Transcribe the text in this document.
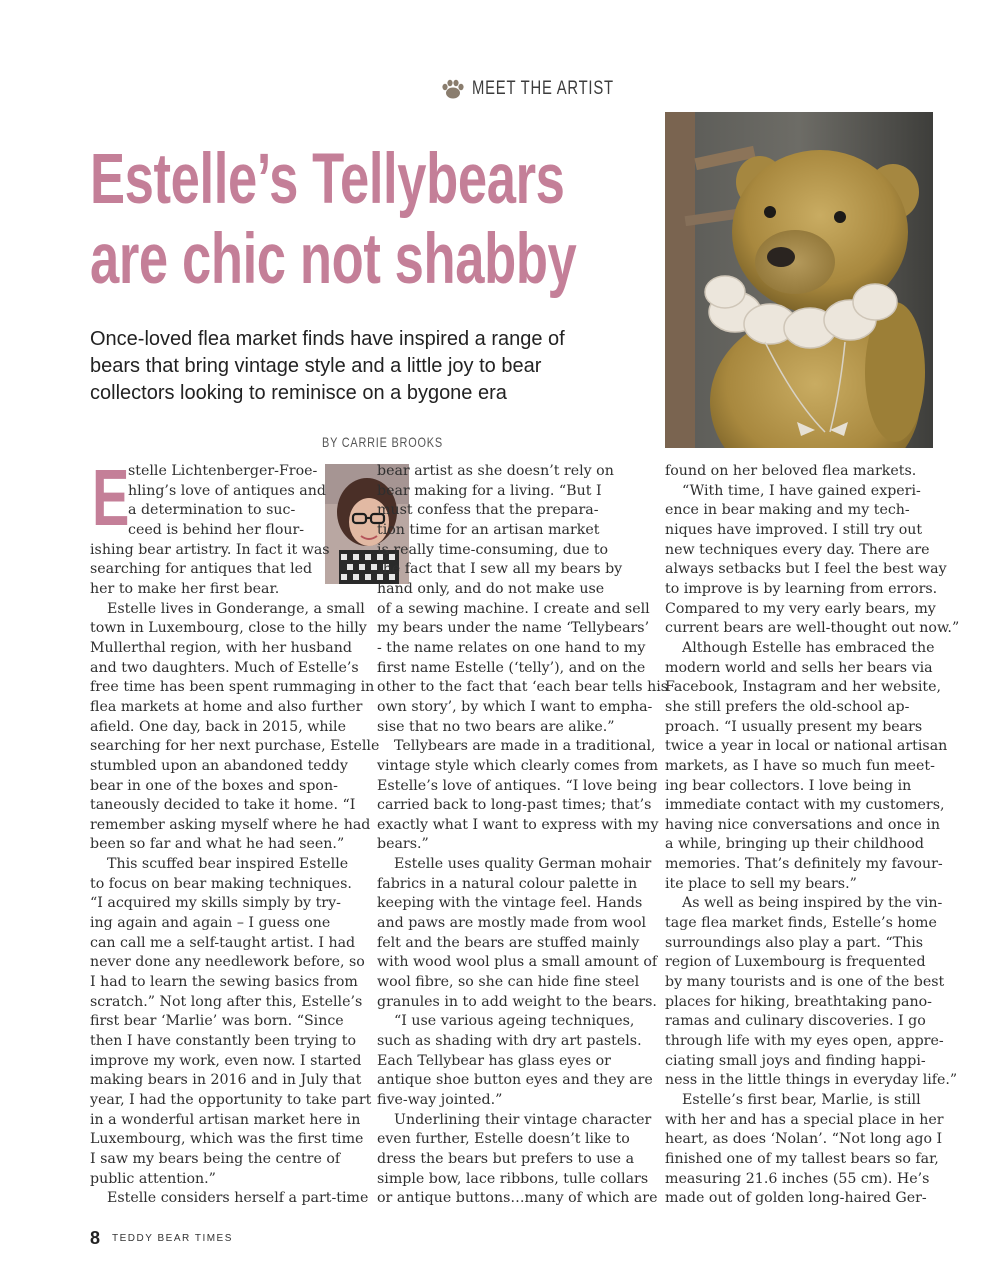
MEET THE ARTIST
Estelle’s Tellybears
are chic not shabby

Once-loved flea market finds have inspired a range of bears that bring vintage style and a little joy to bear collectors looking to reminisce on a bygone era

BY CARRIE BROOKS
E
stelle Lichtenberger-Froe-
hling’s love of antiques and
a determination to suc-
ceed is behind her flour-
ishing bear artistry. In fact it was
searching for antiques that led
her to make her first bear.
Estelle lives in Gonderange, a small
town in Luxembourg, close to the hilly
Mullerthal region, with her husband
and two daughters. Much of Estelle’s
free time has been spent rummaging in
flea markets at home and also further
afield. One day, back in 2015, while
searching for her next purchase, Estelle
stumbled upon an abandoned teddy
bear in one of the boxes and spon-
taneously decided to take it home. “I
remember asking myself where he had
been so far and what he had seen.”
This scuffed bear inspired Estelle
to focus on bear making techniques.
“I acquired my skills simply by try-
ing again and again – I guess one
can call me a self-taught artist. I had
never done any needlework before, so
I had to learn the sewing basics from
scratch.” Not long after this, Estelle’s
first bear ‘Marlie’ was born. “Since
then I have constantly been trying to
improve my work, even now. I started
making bears in 2016 and in July that
year, I had the opportunity to take part
in a wonderful artisan market here in
Luxembourg, which was the first time
I saw my bears being the centre of
public attention.”
Estelle considers herself a part-time
bear artist as she doesn’t rely on
bear making for a living. “But I
must confess that the prepara-
tion time for an artisan market
is really time-consuming, due to
the fact that I sew all my bears by
hand only, and do not make use
of a sewing machine. I create and sell
my bears under the name ‘Tellybears’
- the name relates on one hand to my
first name Estelle (‘telly’), and on the
other to the fact that ‘each bear tells his
own story’, by which I want to empha-
sise that no two bears are alike.”
Tellybears are made in a traditional,
vintage style which clearly comes from
Estelle’s love of antiques. “I love being
carried back to long-past times; that’s
exactly what I want to express with my
bears.”
Estelle uses quality German mohair
fabrics in a natural colour palette in
keeping with the vintage feel. Hands
and paws are mostly made from wool
felt and the bears are stuffed mainly
with wood wool plus a small amount of
wool fibre, so she can hide fine steel
granules in to add weight to the bears.
“I use various ageing techniques,
such as shading with dry art pastels.
Each Tellybear has glass eyes or
antique shoe button eyes and they are
five-way jointed.”
Underlining their vintage character
even further, Estelle doesn’t like to
dress the bears but prefers to use a
simple bow, lace ribbons, tulle collars
or antique buttons…many of which are
found on her beloved flea markets.
“With time, I have gained experi-
ence in bear making and my tech-
niques have improved. I still try out
new techniques every day. There are
always setbacks but I feel the best way
to improve is by learning from errors.
Compared to my very early bears, my
current bears are well-thought out now.”
Although Estelle has embraced the
modern world and sells her bears via
Facebook, Instagram and her website,
she still prefers the old-school ap-
proach. “I usually present my bears
twice a year in local or national artisan
markets, as I have so much fun meet-
ing bear collectors. I love being in
immediate contact with my customers,
having nice conversations and once in
a while, bringing up their childhood
memories. That’s definitely my favour-
ite place to sell my bears.”
As well as being inspired by the vin-
tage flea market finds, Estelle’s home
surroundings also play a part. “This
region of Luxembourg is frequented
by many tourists and is one of the best
places for hiking, breathtaking pano-
ramas and culinary discoveries. I go
through life with my eyes open, appre-
ciating small joys and finding happi-
ness in the little things in everyday life.”
Estelle’s first bear, Marlie, is still
with her and has a special place in her
heart, as does ‘Nolan’. “Not long ago I
finished one of my tallest bears so far,
measuring 21.6 inches (55 cm). He’s
made out of golden long-haired Ger-
8 TEDDY BEAR TIMES
